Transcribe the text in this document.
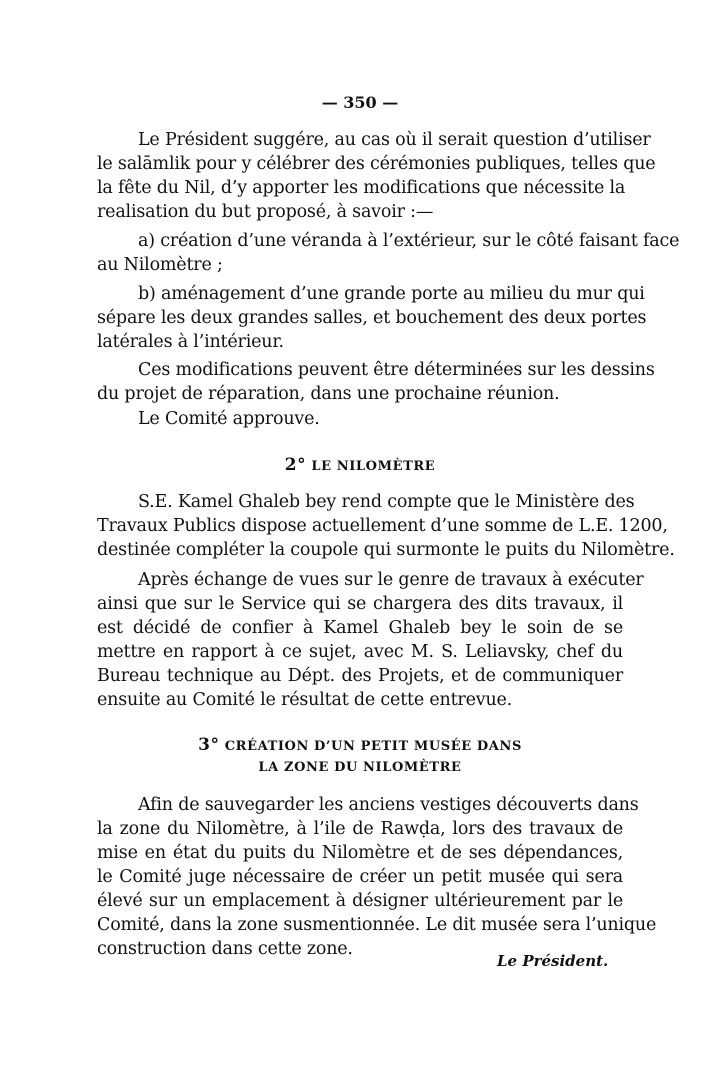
— 350 —
Le Président suggére, au cas où il serait question d’utiliser
le salāmlik pour y célébrer des cérémonies publiques, telles que
la fête du Nil, d’y apporter les modifications que nécessite la
realisation du but proposé, à savoir :—
a) création d’une véranda à l’extérieur, sur le côté faisant face
au Nilomètre ;
b) aménagement d’une grande porte au milieu du mur qui
sépare les deux grandes salles, et bouchement des deux portes
latérales à l’intérieur.
Ces modifications peuvent être déterminées sur les dessins
du projet de réparation, dans une prochaine réunion.
Le Comité approuve.
2° LE NILOMÈTRE
S.E. Kamel Ghaleb bey rend compte que le Ministère des
Travaux Publics dispose actuellement d’une somme de L.E. 1200,
destinée compléter la coupole qui surmonte le puits du Nilomètre.
Après échange de vues sur le genre de travaux à exécuter
ainsi que sur le Service qui se chargera des dits travaux, il
est décidé de confier à Kamel Ghaleb bey le soin de se
mettre en rapport à ce sujet, avec M. S. Leliavsky, chef du
Bureau technique au Dépt. des Projets, et de communiquer
ensuite au Comité le résultat de cette entrevue.
3° CRÉATION D’UN PETIT MUSÉE DANS
LA ZONE DU NILOMÈTRE
Afin de sauvegarder les anciens vestiges découverts dans
la zone du Nilomètre, à l’ile de Rawḍa, lors des travaux de
mise en état du puits du Nilomètre et de ses dépendances,
le Comité juge nécessaire de créer un petit musée qui sera
élevé sur un emplacement à désigner ultérieurement par le
Comité, dans la zone susmentionnée. Le dit musée sera l’unique
construction dans cette zone.
Le Président.
